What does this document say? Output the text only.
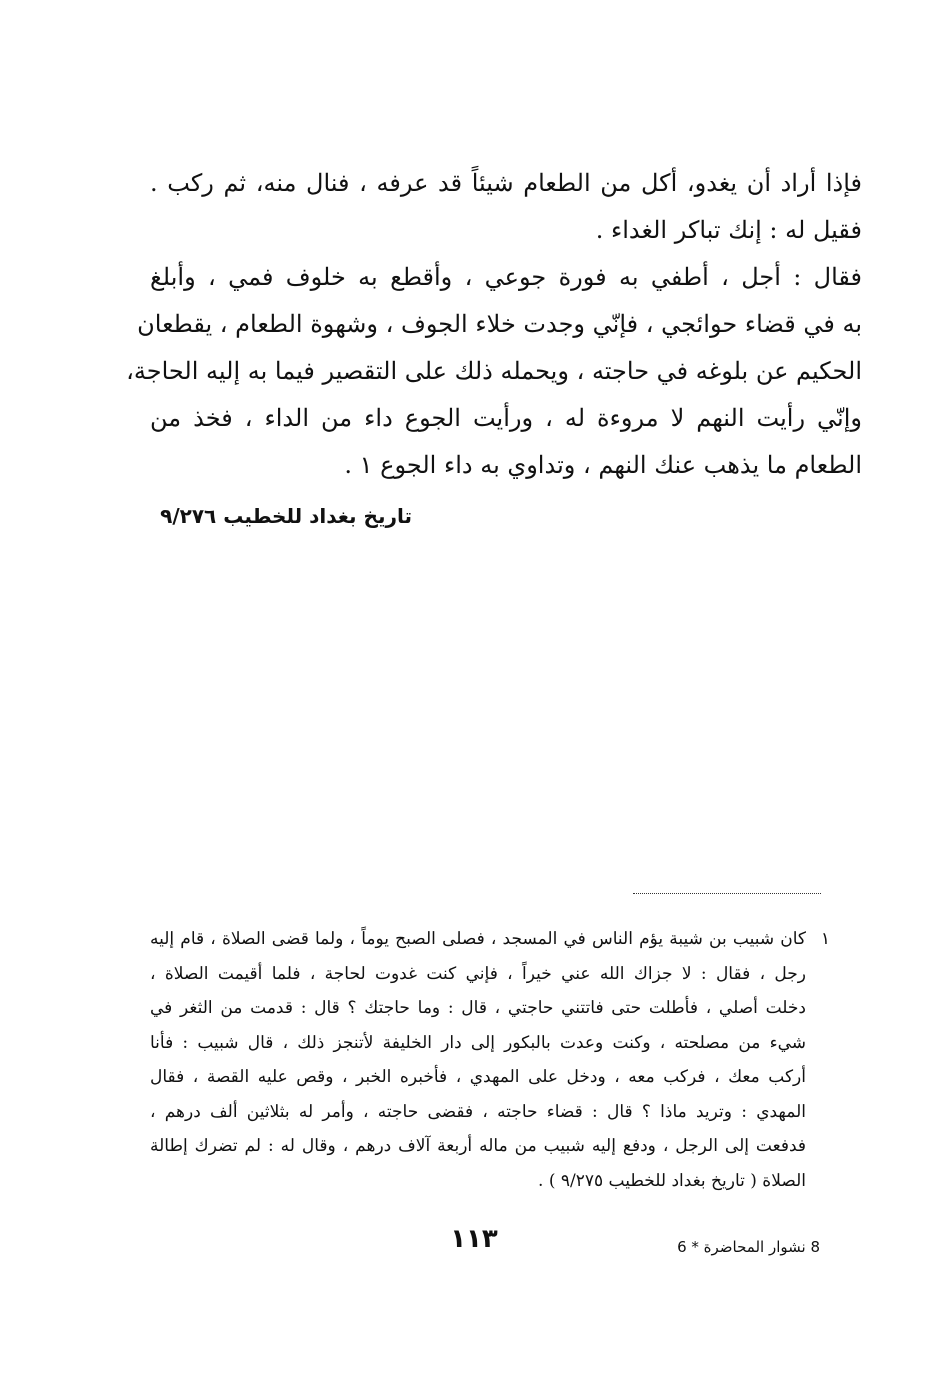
فإذا أراد أن يغدو، أكل من الطعام شيئاً قد عرفه ، فنال منه، ثم ركب .
فقيل له : إنك تباكر الغداء .
فقال : أجل ، أطفي به فورة جوعي ، وأقطع به خلوف فمي ، وأبلغ
به في قضاء حوائجي ، فإنّي وجدت خلاء الجوف ، وشهوة الطعام ، يقطعان
الحكيم عن بلوغه في حاجته ، ويحمله ذلك على التقصير فيما به إليه الحاجة،
وإنّي رأيت النهم لا مروءة له ، ورأيت الجوع داء من الداء ، فخذ من
الطعام ما يذهب عنك النهم ، وتداوي به داء الجوع ١ .
تاريخ بغداد للخطيب ٩/٢٧٦
١
كان شبيب بن شيبة يؤم الناس في المسجد ، فصلى الصبح يوماً ، ولما قضى الصلاة ، قام إليه
رجل ، فقال : لا جزاك الله عني خيراً ، فإني كنت غدوت لحاجة ، فلما أقيمت الصلاة ،
دخلت أصلي ، فأطلت حتى فاتتني حاجتي ، قال : وما حاجتك ؟ قال : قدمت من الثغر في
شيء من مصلحته ، وكنت وعدت بالبكور إلى دار الخليفة لأتنجز ذلك ، قال شبيب : فأنا
أركب معك ، فركب معه ، ودخل على المهدي ، فأخبره الخبر ، وقص عليه القصة ، فقال
المهدي : وتريد ماذا ؟ قال : قضاء حاجته ، فقضى حاجته ، وأمر له بثلاثين ألف درهم ،
فدفعت إلى الرجل ، ودفع إليه شبيب من ماله أربعة آلاف درهم ، وقال له : لم تضرك إطالة
الصلاة ( تاريخ بغداد للخطيب ٩/٢٧٥ ) .
١١٣	8 نشوار المحاضرة * 6
